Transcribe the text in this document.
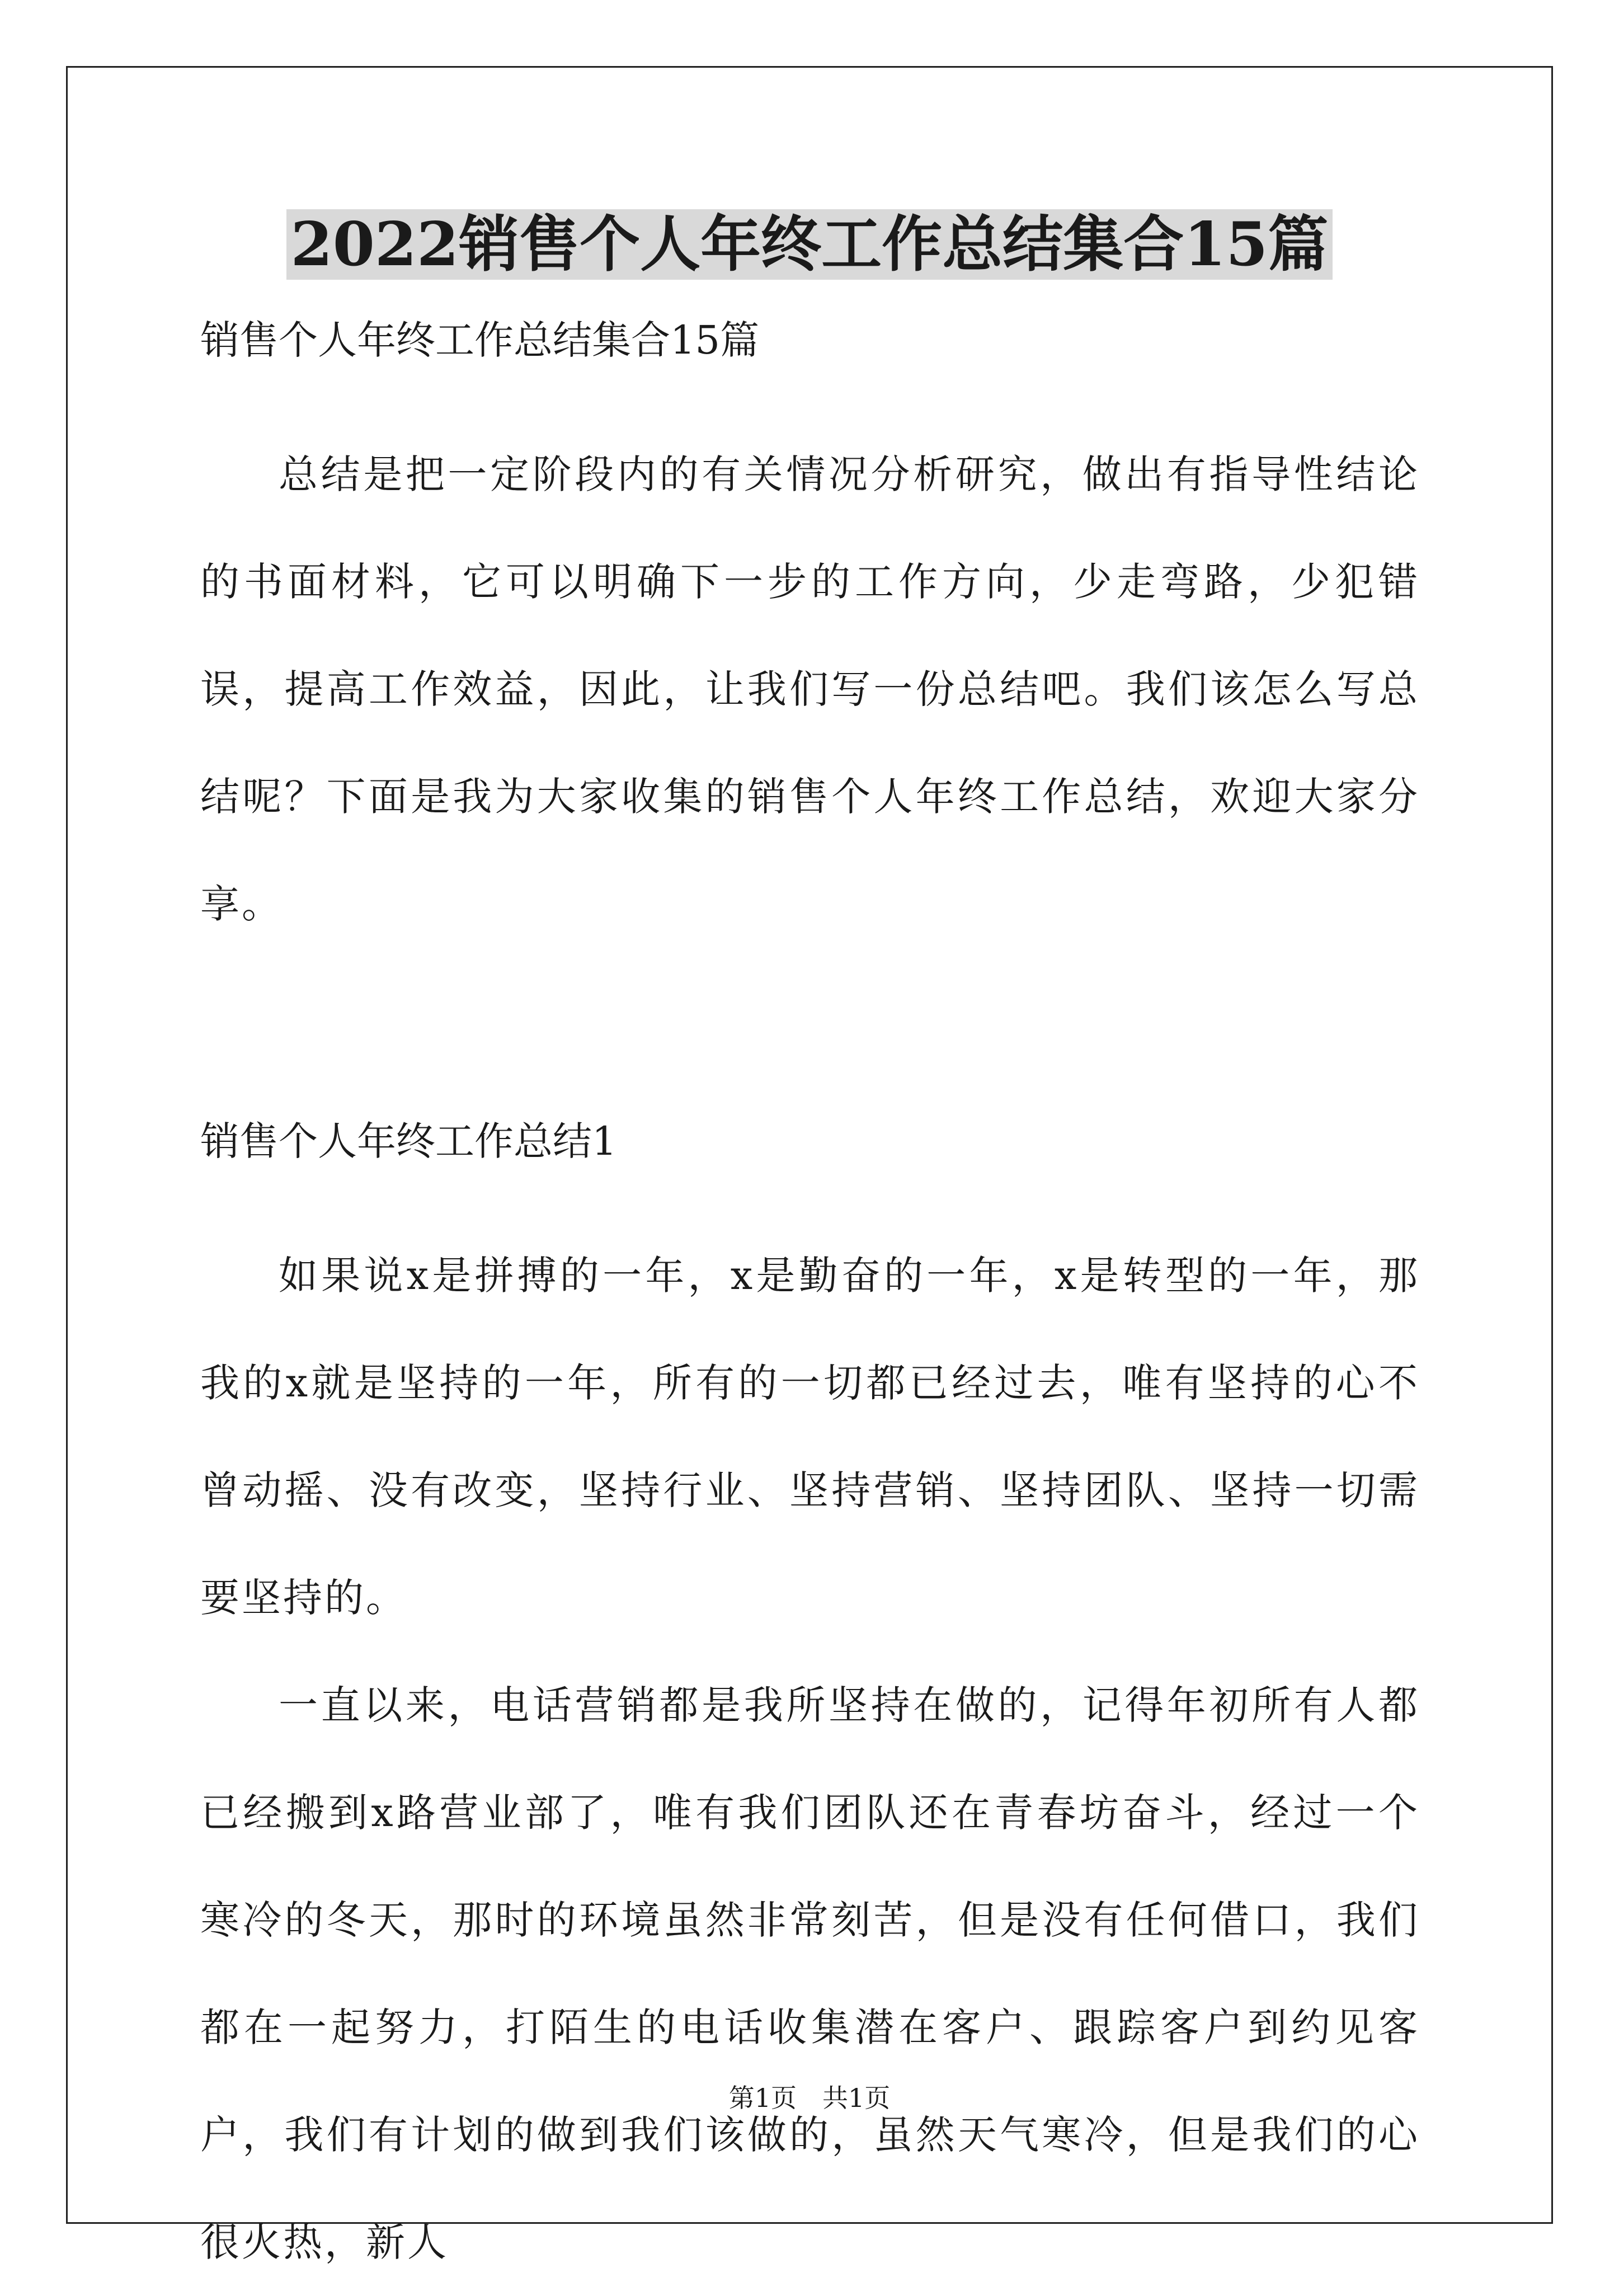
2022销售个人年终工作总结集合15篇

销售个人年终工作总结集合15篇

总结是把一定阶段内的有关情况分析研究，做出有指导性结论的书面材料，它可以明确下一步的工作方向，少走弯路，少犯错误，提高工作效益，因此，让我们写一份总结吧。我们该怎么写总结呢？下面是我为大家收集的销售个人年终工作总结，欢迎大家分享。

销售个人年终工作总结1

如果说x是拼搏的一年，x是勤奋的一年，x是转型的一年，那我的x就是坚持的一年，所有的一切都已经过去，唯有坚持的心不曾动摇、没有改变，坚持行业、坚持营销、坚持团队、坚持一切需要坚持的。

一直以来，电话营销都是我所坚持在做的，记得年初所有人都已经搬到x路营业部了，唯有我们团队还在青春坊奋斗，经过一个寒冷的冬天，那时的环境虽然非常刻苦，但是没有任何借口，我们都在一起努力，打陌生的电话收集潜在客户、跟踪客户到约见客户，我们有计划的做到我们该做的，虽然天气寒冷，但是我们的心很火热，新人

第1页　共1页
